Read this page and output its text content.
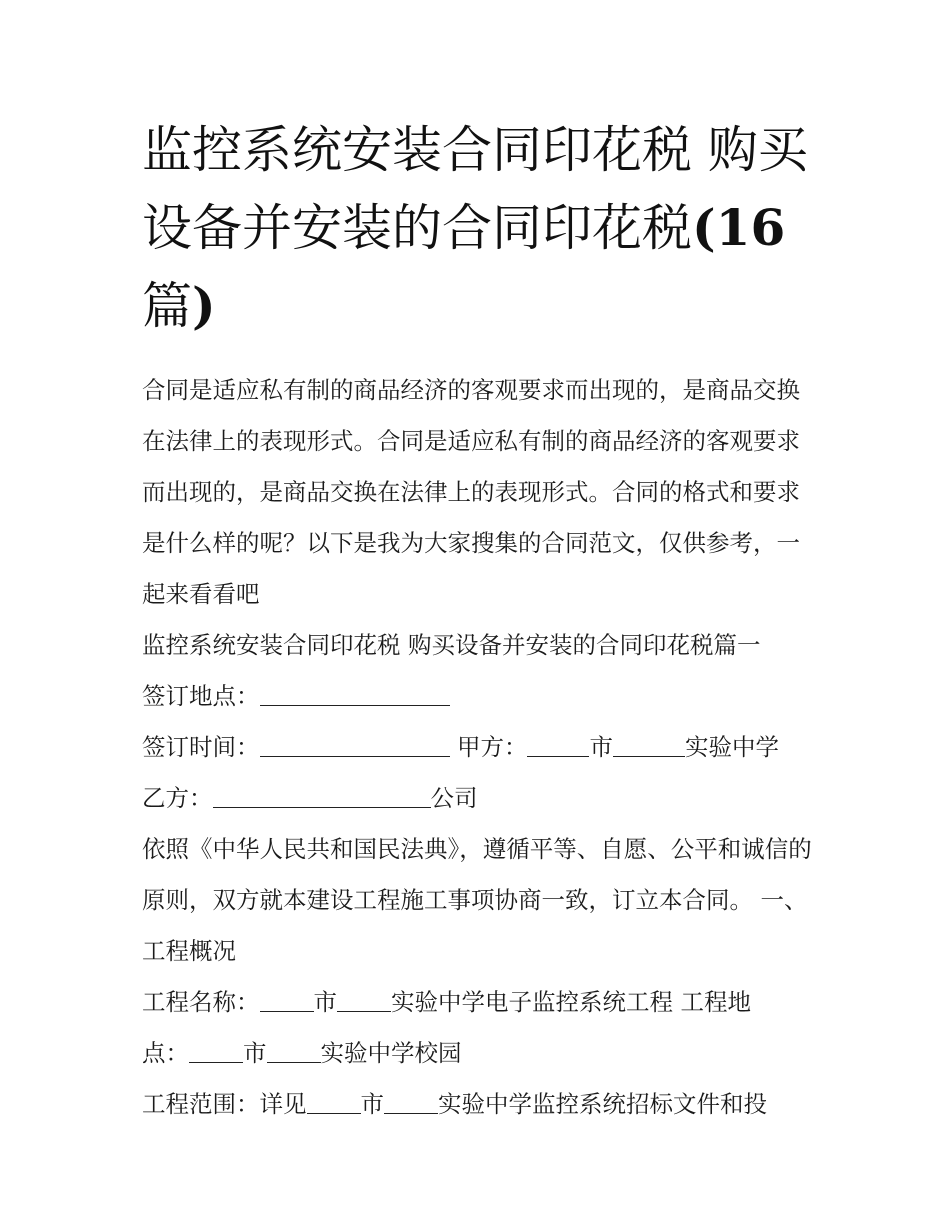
监控系统安装合同印花税 购买设备并安装的合同印花税(16
篇)

合同是适应私有制的商品经济的客观要求而出现的，是商品交换在法律上的表现形式。合同是适应私有制的商品经济的客观要求而出现的，是商品交换在法律上的表现形式。合同的格式和要求是什么样的呢？以下是我为大家搜集的合同范文，仅供参考，一起来看看吧

监控系统安装合同印花税 购买设备并安装的合同印花税篇一

签订地点：

签订时间：	甲方：	市	实验中学

乙方：	公司

依照《中华人民共和国民法典》，遵循平等、自愿、公平和诚信的原则，双方就本建设工程施工事项协商一致，订立本合同。 一、工程概况

工程名称： 市 实验中学电子监控系统工程 工程地
点： 市 实验中学校园

工程范围：详见 市 实验中学监控系统招标文件和投
